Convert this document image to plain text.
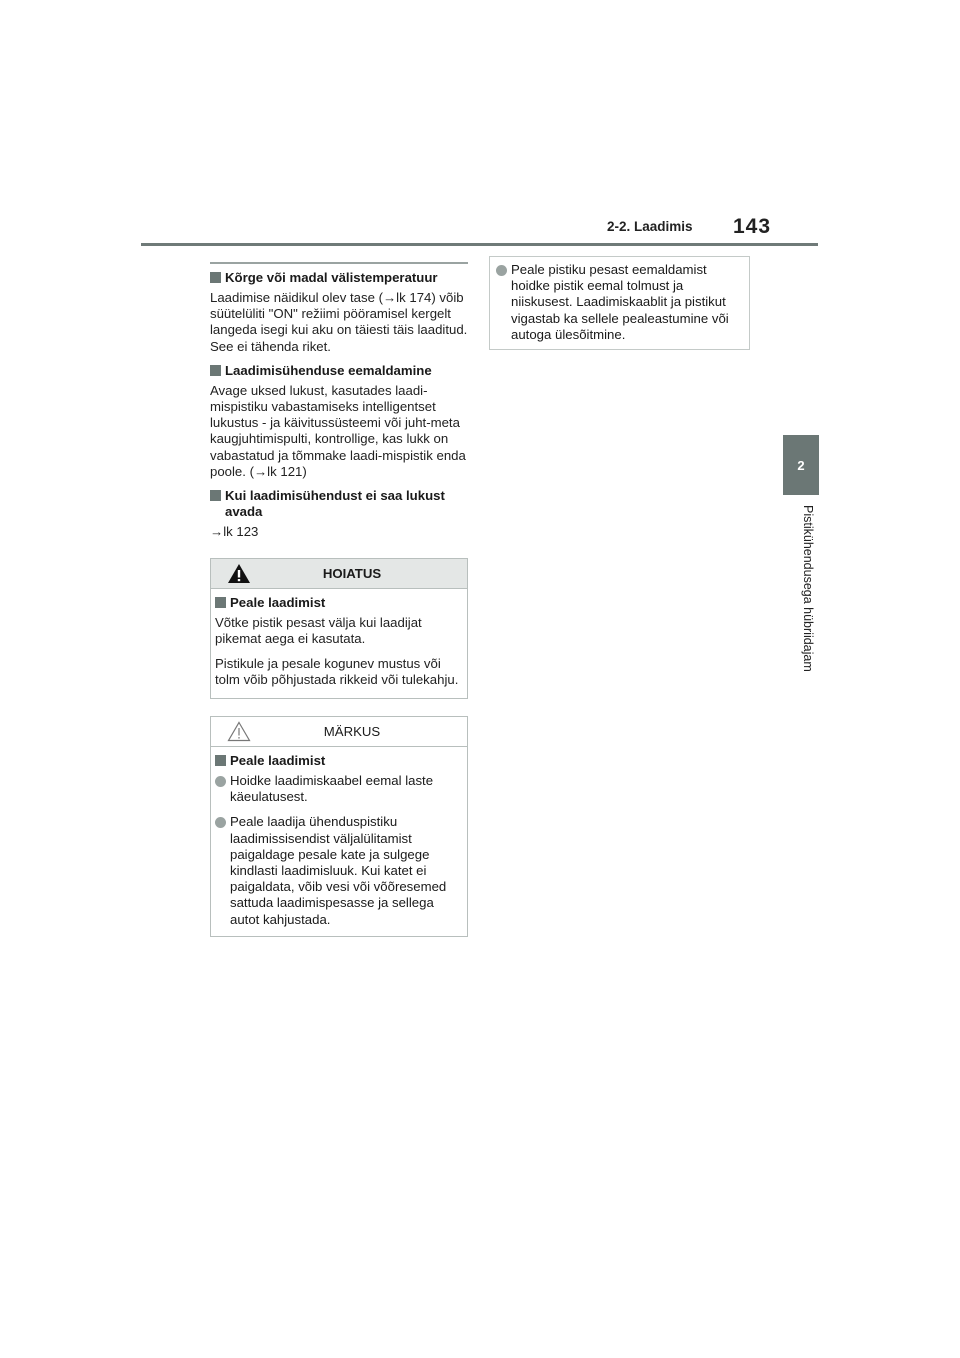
2-2. Laadimis 143
2
Pistikühendusega hübriidajam
Kõrge või madal välistemperatuur

Laadimise näidikul olev tase (→lk 174) võib süütelüliti "ON" režiimi pööramisel kergelt langeda isegi kui aku on täiesti täis laaditud. See ei tähenda riket.

Laadimisühenduse eemaldamine

Avage uksed lukust, kasutades laadi-mispistiku vabastamiseks intelligentset lukustus - ja käivitussüsteemi või juht-meta kaugjuhtimispulti, kontrollige, kas lukk on vabastatud ja tõmmake laadi-mispistik enda poole. (→lk 121)

Kui laadimisühendust ei saa lukust avada

→lk 123

HOIATUS
Peale laadimist

Võtke pistik pesast välja kui laadijat pikemat aega ei kasutata.

Pistikule ja pesale kogunev mustus või tolm võib põhjustada rikkeid või tulekahju.

MÄRKUS
Peale laadimist
Hoidke laadimiskaabel eemal laste käeulatusest.
Peale laadija ühenduspistiku laadimissisendist väljalülitamist paigaldage pesale kate ja sulgege kindlasti laadimisluuk. Kui katet ei paigaldata, võib vesi või võõresemed sattuda laadimispesasse ja sellega autot kahjustada.
Peale pistiku pesast eemaldamist hoidke pistik eemal tolmust ja niiskusest. Laadimiskaablit ja pistikut vigastab ka sellele pealeastumine või autoga ülesõitmine.
